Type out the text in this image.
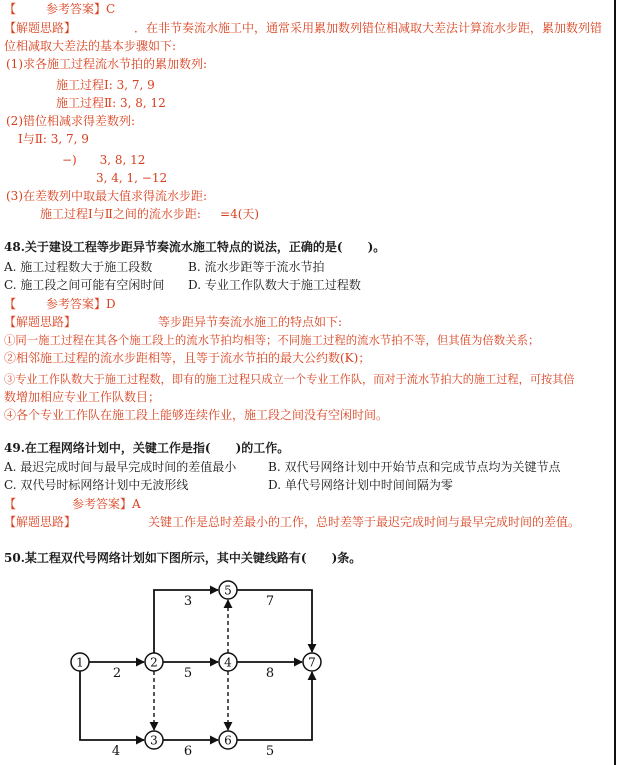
【	参考答案】C
【解题思路】	．在非节奏流水施工中，通常采用累加数列错位相减取大差法计算流水步距，累加数列错
位相减取大差法的基本步骤如下:
(1)求各施工过程流水节拍的累加数列:
施工过程Ⅰ: 3, 7, 9
施工过程Ⅱ: 3, 8, 12
(2)错位相减求得差数列:
Ⅰ与Ⅱ: 3, 7, 9
−)      3, 8, 12
3, 4, 1, −12
(3)在差数列中取最大值求得流水步距:
施工过程Ⅰ与Ⅱ之间的流水步距:     =4(天)
48.关于建设工程等步距异节奏流水施工特点的说法，正确的是(      )。
A. 施工过程数大于施工段数	B. 流水步距等于流水节拍
C. 施工段之间可能有空闲时间 D. 专业工作队数大于施工过程数
【	参考答案】D
【解题思路】	等步距异节奏流水施工的特点如下:
①同一施工过程在其各个施工段上的流水节拍均相等；不同施工过程的流水节拍不等，但其值为倍数关系；
②相邻施工过程的流水步距相等，且等于流水节拍的最大公约数(K)；
③专业工作队数大于施工过程数，即有的施工过程只成立一个专业工作队，而对于流水节拍大的施工过程，可按其倍
数增加相应专业工作队数目；
④各个专业工作队在施工段上能够连续作业，施工段之间没有空闲时间。
49.在工程网络计划中，关键工作是指(      )的工作。
A. 最迟完成时间与最早完成时间的差值最小	B. 双代号网络计划中开始节点和完成节点均为关键节点
C. 双代号时标网络计划中无波形线	D. 单代号网络计划中时间间隔为零
【	参考答案】A
【解题思路】	关键工作是总时差最小的工作，总时差等于最迟完成时间与最早完成时间的差值。
50.某工程双代号网络计划如下图所示，其中关键线路有(      )条。
2
4
3
5
6
8
7
5
1	2
3
4
5
6
7
